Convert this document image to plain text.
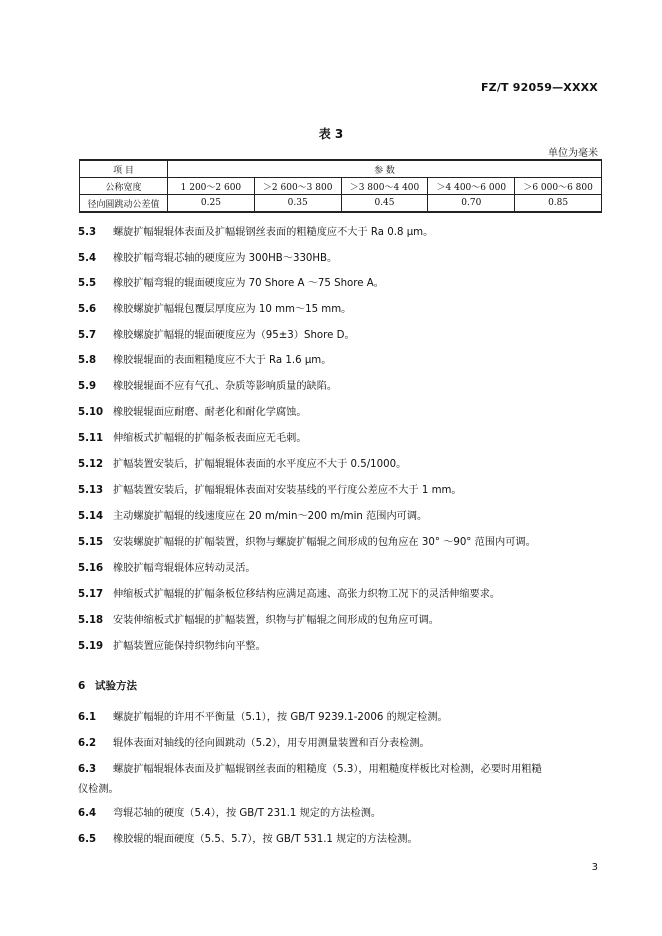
FZ/T 92059—XXXX
表 3
单位为毫米
项 目	参 数				
公称宽度	1 200～2 600	＞2 600～3 800	＞3 800～4 400	＞4 400～6 000	＞6 000～6 800
径向圆跳动公差值	0.25	0.35	0.45	0.70	0.85
5.3 螺旋扩幅辊辊体表面及扩幅辊钢丝表面的粗糙度应不大于 Ra 0.8 μm。
5.4 橡胶扩幅弯辊芯轴的硬度应为 300HB～330HB。
5.5 橡胶扩幅弯辊的辊面硬度应为 70 Shore A ～75 Shore A。
5.6 橡胶螺旋扩幅辊包覆层厚度应为 10 mm～15 mm。
5.7 橡胶螺旋扩幅辊的辊面硬度应为（95±3）Shore D。
5.8 橡胶辊辊面的表面粗糙度应不大于 Ra 1.6 μm。
5.9 橡胶辊辊面不应有气孔、杂质等影响质量的缺陷。
5.10 橡胶辊辊面应耐磨、耐老化和耐化学腐蚀。
5.11 伸缩板式扩幅辊的扩幅条板表面应无毛刺。
5.12 扩幅装置安装后，扩幅辊辊体表面的水平度应不大于 0.5/1000。
5.13 扩幅装置安装后，扩幅辊辊体表面对安装基线的平行度公差应不大于 1 mm。
5.14 主动螺旋扩幅辊的线速度应在 20 m/min～200 m/min 范围内可调。
5.15 安装螺旋扩幅辊的扩幅装置，织物与螺旋扩幅辊之间形成的包角应在 30° ～90° 范围内可调。
5.16 橡胶扩幅弯辊辊体应转动灵活。
5.17 伸缩板式扩幅辊的扩幅条板位移结构应满足高速、高张力织物工况下的灵活伸缩要求。
5.18 安装伸缩板式扩幅辊的扩幅装置，织物与扩幅辊之间形成的包角应可调。
5.19 扩幅装置应能保持织物纬向平整。
6 试验方法
6.1 螺旋扩幅辊的许用不平衡量（5.1），按 GB/T 9239.1-2006 的规定检测。
6.2 辊体表面对轴线的径向圆跳动（5.2），用专用测量装置和百分表检测。
6.3 螺旋扩幅辊辊体表面及扩幅辊钢丝表面的粗糙度（5.3），用粗糙度样板比对检测，必要时用粗糙
仪检测。
6.4 弯辊芯轴的硬度（5.4），按 GB/T 231.1 规定的方法检测。
6.5 橡胶辊的辊面硬度（5.5、5.7），按 GB/T 531.1 规定的方法检测。
3
